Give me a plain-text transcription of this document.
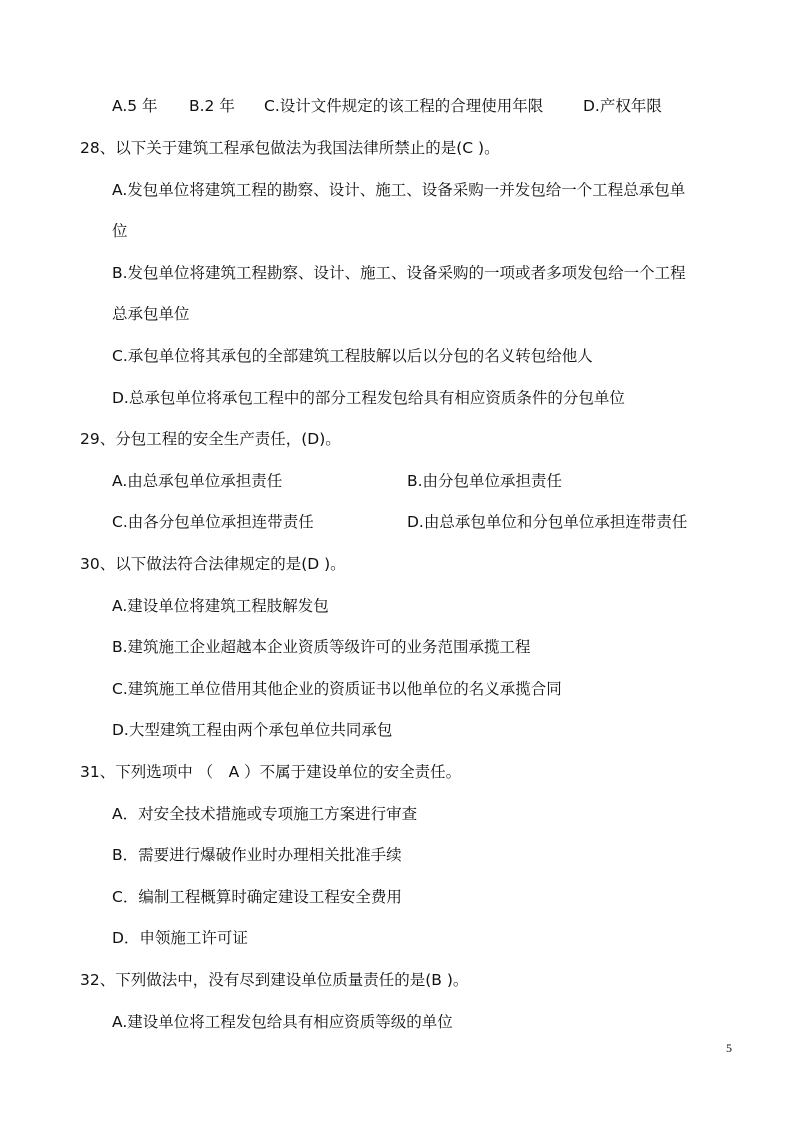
A.5 年 B.2 年 C.设计文件规定的该工程的合理使用年限	D.产权年限
28、以下关于建筑工程承包做法为我国法律所禁止的是(C )。
A.发包单位将建筑工程的勘察、设计、施工、设备采购一并发包给一个工程总承包单
位
B.发包单位将建筑工程勘察、设计、施工、设备采购的一项或者多项发包给一个工程
总承包单位
C.承包单位将其承包的全部建筑工程肢解以后以分包的名义转包给他人
D.总承包单位将承包工程中的部分工程发包给具有相应资质条件的分包单位
29、分包工程的安全生产责任，(D)。
A.由总承包单位承担责任	B.由分包单位承担责任
C.由各分包单位承担连带责任	D.由总承包单位和分包单位承担连带责任
30、以下做法符合法律规定的是(D )。
A.建设单位将建筑工程肢解发包
B.建筑施工企业超越本企业资质等级许可的业务范围承揽工程
C.建筑施工单位借用其他企业的资质证书以他单位的名义承揽合同
D.大型建筑工程由两个承包单位共同承包
31、下列选项中 （　A ）不属于建设单位的安全责任。
A．对安全技术措施或专项施工方案进行审查
B．需要进行爆破作业时办理相关批准手续
C．编制工程概算时确定建设工程安全费用
D．申领施工许可证
32、下列做法中，没有尽到建设单位质量责任的是(B )。
A.建设单位将工程发包给具有相应资质等级的单位
5
